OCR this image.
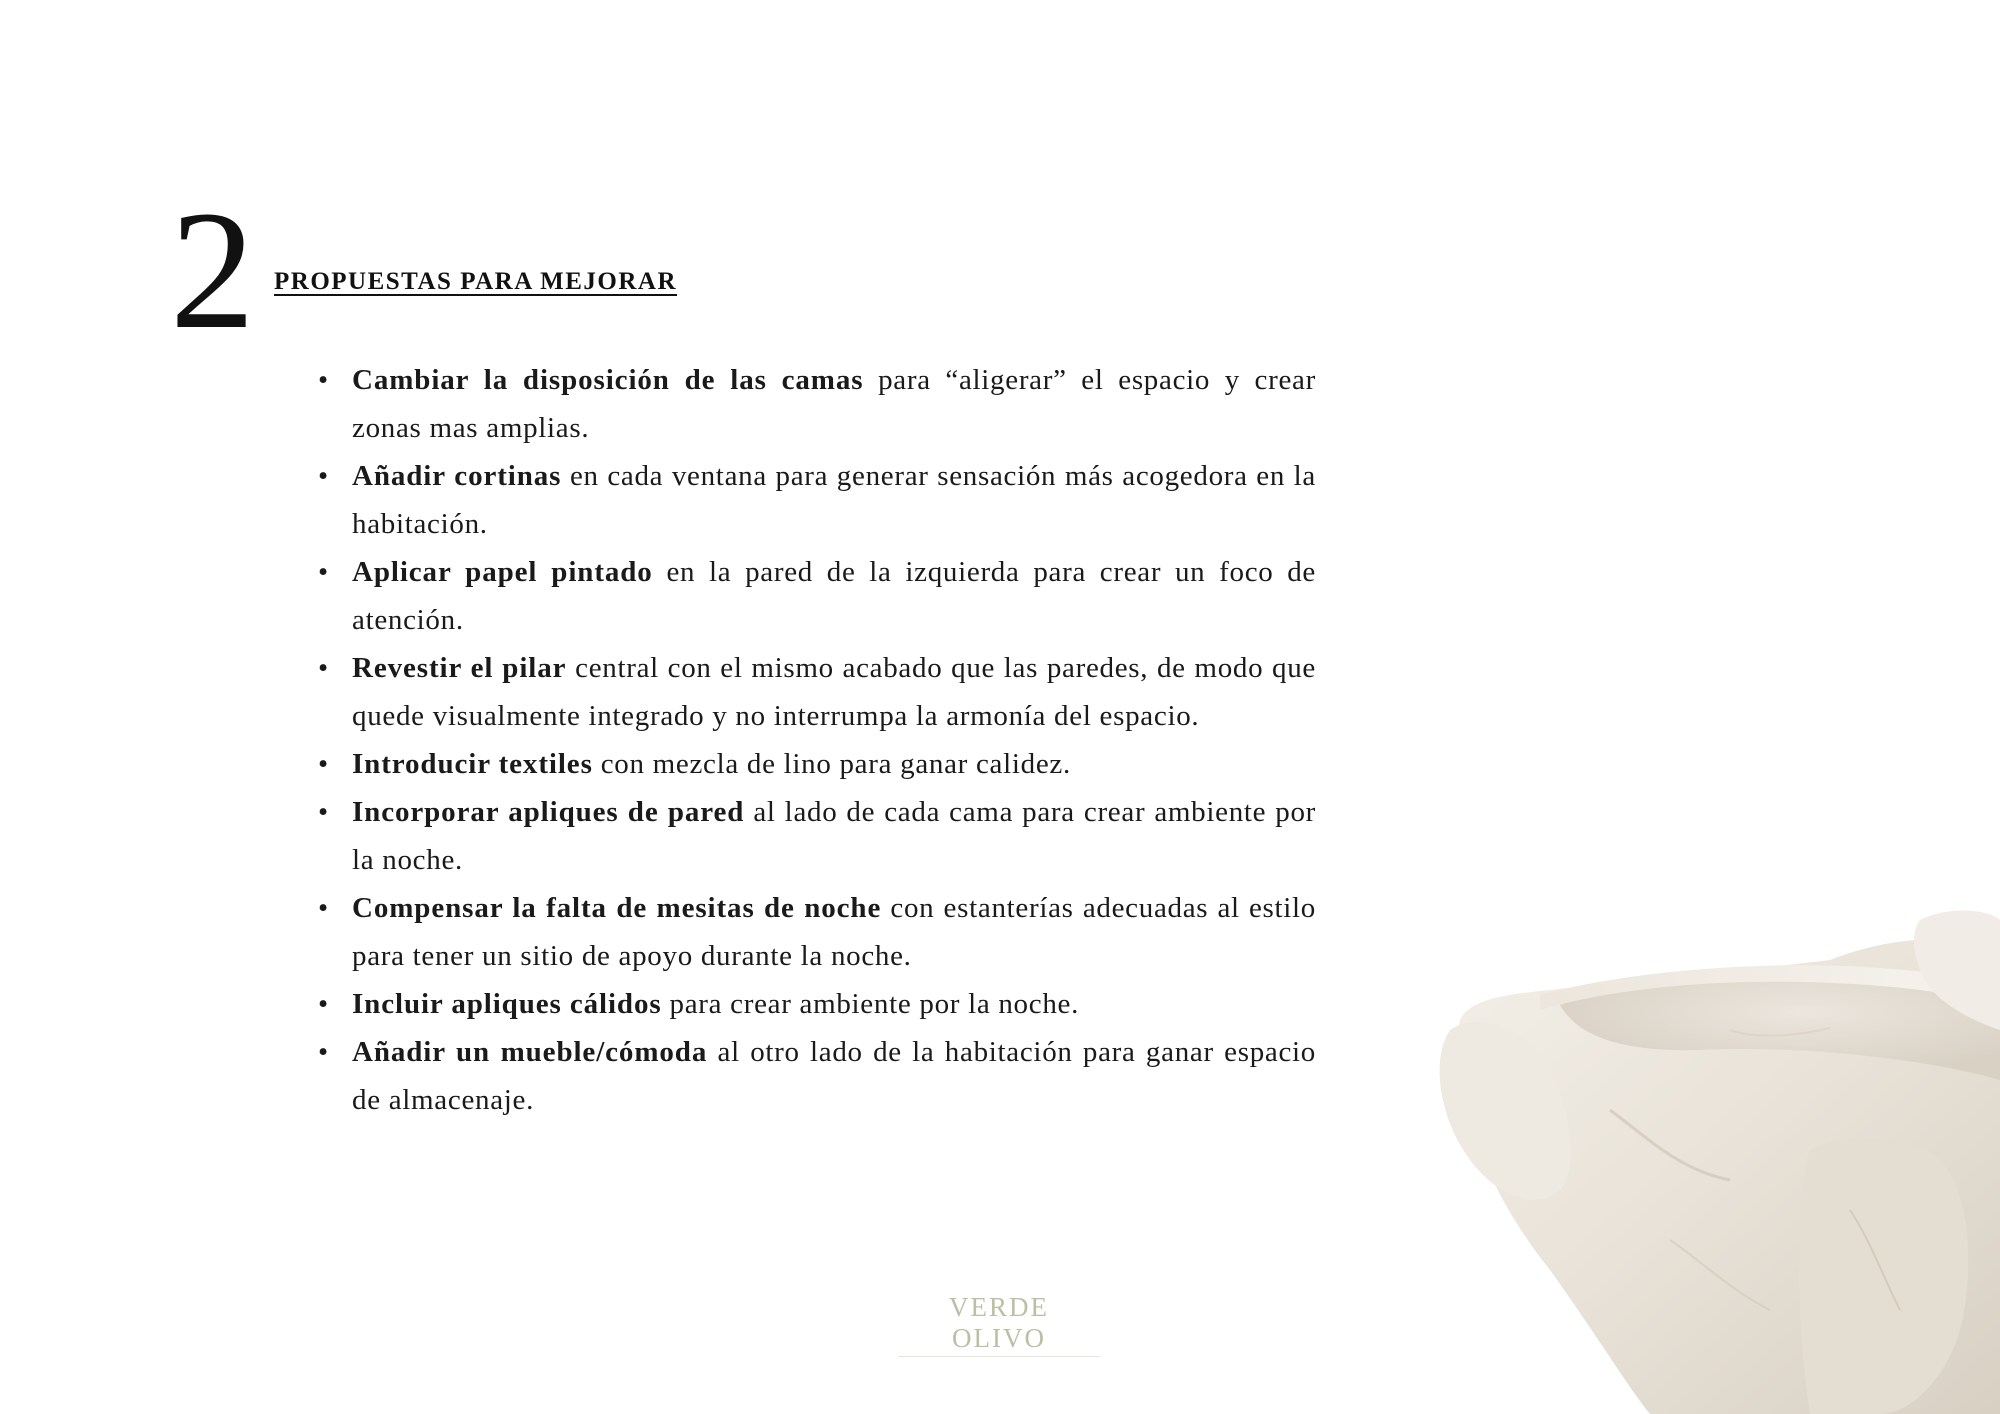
2 PROPUESTAS PARA MEJORAR
• Cambiar la disposición de las camas para “aligerar” el espacio y crear zonas mas amplias.
• Añadir cortinas en cada ventana para generar sensación más acogedora en la habitación.
• Aplicar papel pintado en la pared de la izquierda para crear un foco de atención.
• Revestir el pilar central con el mismo acabado que las paredes, de modo que quede visualmente integrado y no interrumpa la armonía del espacio.
• Introducir textiles con mezcla de lino para ganar calidez.
• Incorporar apliques de pared al lado de cada cama para crear ambiente por la noche.
• Compensar la falta de mesitas de noche con estanterías adecuadas al estilo para tener un sitio de apoyo durante la noche.
• Incluir apliques cálidos para crear ambiente por la noche.
• Añadir un mueble/cómoda al otro lado de la habitación para ganar espacio de almacenaje.
VERDE OLIVO
